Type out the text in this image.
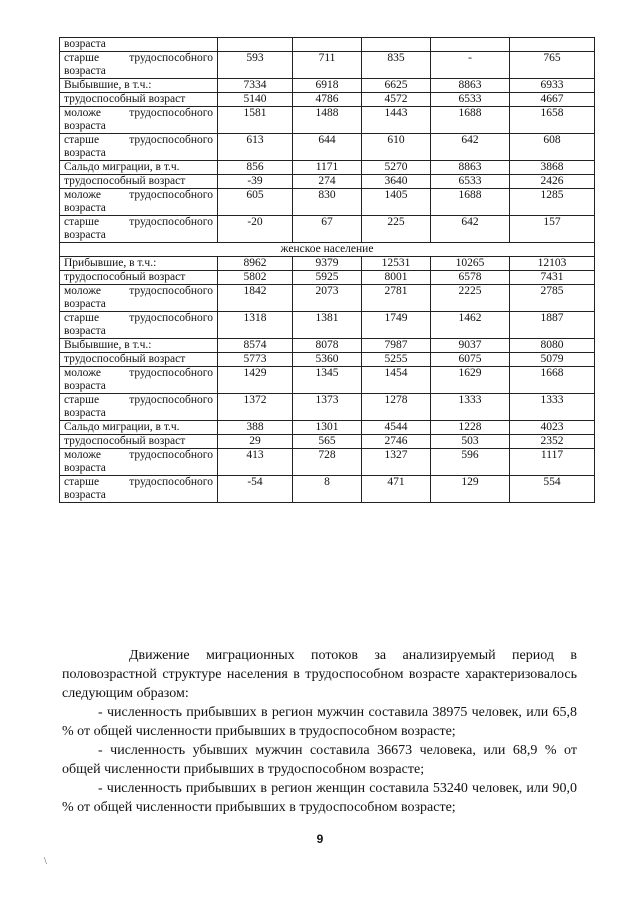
возраста					
старше трудоспособного возраста	593	711	835	-	765
Выбывшие, в т.ч.:	7334	6918	6625	8863	6933
трудоспособный возраст	5140	4786	4572	6533	4667
моложе трудоспособного возраста	1581	1488	1443	1688	1658
старше трудоспособного возраста	613	644	610	642	608
Сальдо миграции, в т.ч.	856	1171	5270	8863	3868
трудоспособный возраст	-39	274	3640	6533	2426
моложе трудоспособного возраста	605	830	1405	1688	1285
старше трудоспособного возраста	-20	67	225	642	157
женское население					
Прибывшие, в т.ч.:	8962	9379	12531	10265	12103
трудоспособный возраст	5802	5925	8001	6578	7431
моложе трудоспособного возраста	1842	2073	2781	2225	2785
старше трудоспособного возраста	1318	1381	1749	1462	1887
Выбывшие, в т.ч.:	8574	8078	7987	9037	8080
трудоспособный возраст	5773	5360	5255	6075	5079
моложе трудоспособного возраста	1429	1345	1454	1629	1668
старше трудоспособного возраста	1372	1373	1278	1333	1333
Сальдо миграции, в т.ч.	388	1301	4544	1228	4023
трудоспособный возраст	29	565	2746	503	2352
моложе трудоспособного возраста	413	728	1327	596	1117
старше трудоспособного возраста	-54	8	471	129	554

Движение миграционных потоков за анализируемый период в половозрастной структуре населения в трудоспособном возрасте характеризовалось следующим образом:

- численность прибывших в регион мужчин составила 38975 человек, или 65,8 % от общей численности прибывших в трудоспособном возрасте;

- численность убывших мужчин составила 36673 человека, или 68,9 % от общей численности прибывших в трудоспособном возрасте;

- численность прибывших в регион женщин составила 53240 человек, или 90,0 % от общей численности прибывших в трудоспособном возрасте;

9
\
